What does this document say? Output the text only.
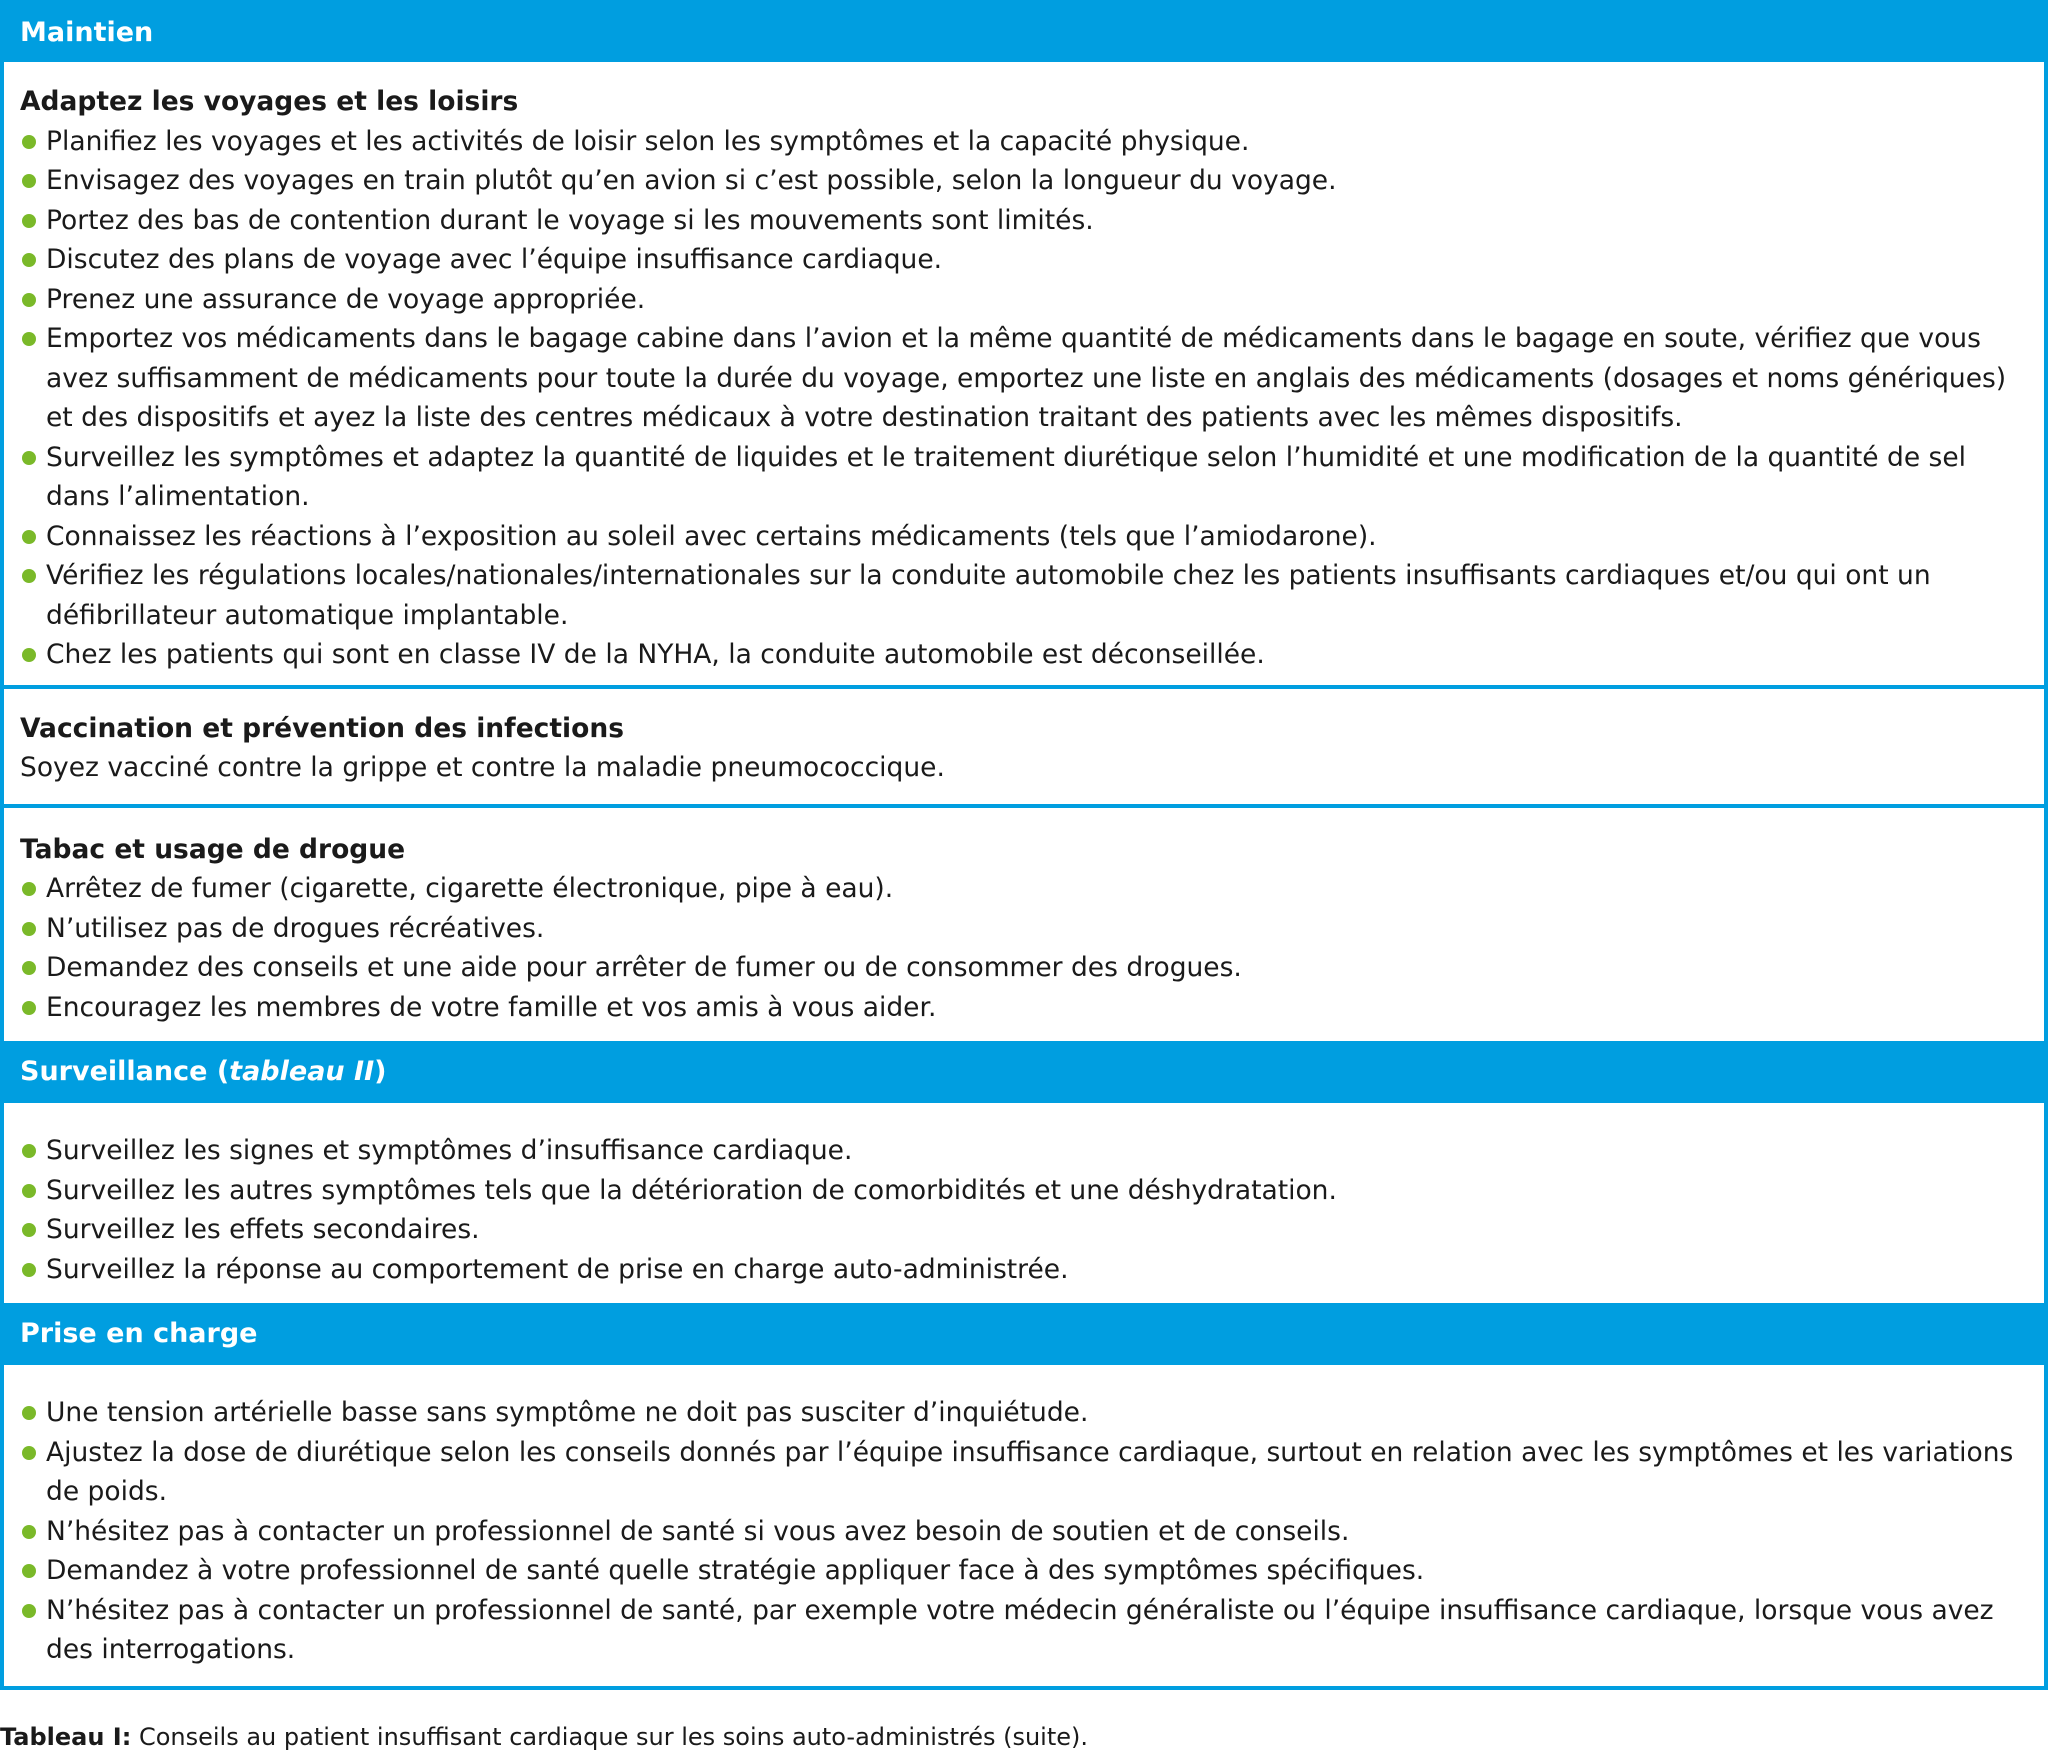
Maintien
Adaptez les voyages et les loisirs
Planifiez les voyages et les activités de loisir selon les symptômes et la capacité physique.
Envisagez des voyages en train plutôt qu’en avion si c’est possible, selon la longueur du voyage.
Portez des bas de contention durant le voyage si les mouvements sont limités.
Discutez des plans de voyage avec l’équipe insuffisance cardiaque.
Prenez une assurance de voyage appropriée.
Emportez vos médicaments dans le bagage cabine dans l’avion et la même quantité de médicaments dans le bagage en soute, vérifiez que vous avez suffisamment de médicaments pour toute la durée du voyage, emportez une liste en anglais des médicaments (dosages et noms génériques) et des dispositifs et ayez la liste des centres médicaux à votre destination traitant des patients avec les mêmes dispositifs.
Surveillez les symptômes et adaptez la quantité de liquides et le traitement diurétique selon l’humidité et une modification de la quantité de sel dans l’alimentation.
Connaissez les réactions à l’exposition au soleil avec certains médicaments (tels que l’amiodarone).
Vérifiez les régulations locales/nationales/internationales sur la conduite automobile chez les patients insuffisants cardiaques et/ou qui ont un défibrillateur automatique implantable.
Chez les patients qui sont en classe IV de la NYHA, la conduite automobile est déconseillée.
Vaccination et prévention des infections

Soyez vacciné contre la grippe et contre la maladie pneumococcique.

Tabac et usage de drogue
Arrêtez de fumer (cigarette, cigarette électronique, pipe à eau).
N’utilisez pas de drogues récréatives.
Demandez des conseils et une aide pour arrêter de fumer ou de consommer des drogues.
Encouragez les membres de votre famille et vos amis à vous aider.
Surveillance (tableau II)
Surveillez les signes et symptômes d’insuffisance cardiaque.
Surveillez les autres symptômes tels que la détérioration de comorbidités et une déshydratation.
Surveillez les effets secondaires.
Surveillez la réponse au comportement de prise en charge auto-administrée.
Prise en charge
Une tension artérielle basse sans symptôme ne doit pas susciter d’inquiétude.
Ajustez la dose de diurétique selon les conseils donnés par l’équipe insuffisance cardiaque, surtout en relation avec les symptômes et les variations de poids.
N’hésitez pas à contacter un professionnel de santé si vous avez besoin de soutien et de conseils.
Demandez à votre professionnel de santé quelle stratégie appliquer face à des symptômes spécifiques.
N’hésitez pas à contacter un professionnel de santé, par exemple votre médecin généraliste ou l’équipe insuffisance cardiaque, lorsque vous avez des interrogations.
Tableau I: Conseils au patient insuffisant cardiaque sur les soins auto-administrés (suite).
